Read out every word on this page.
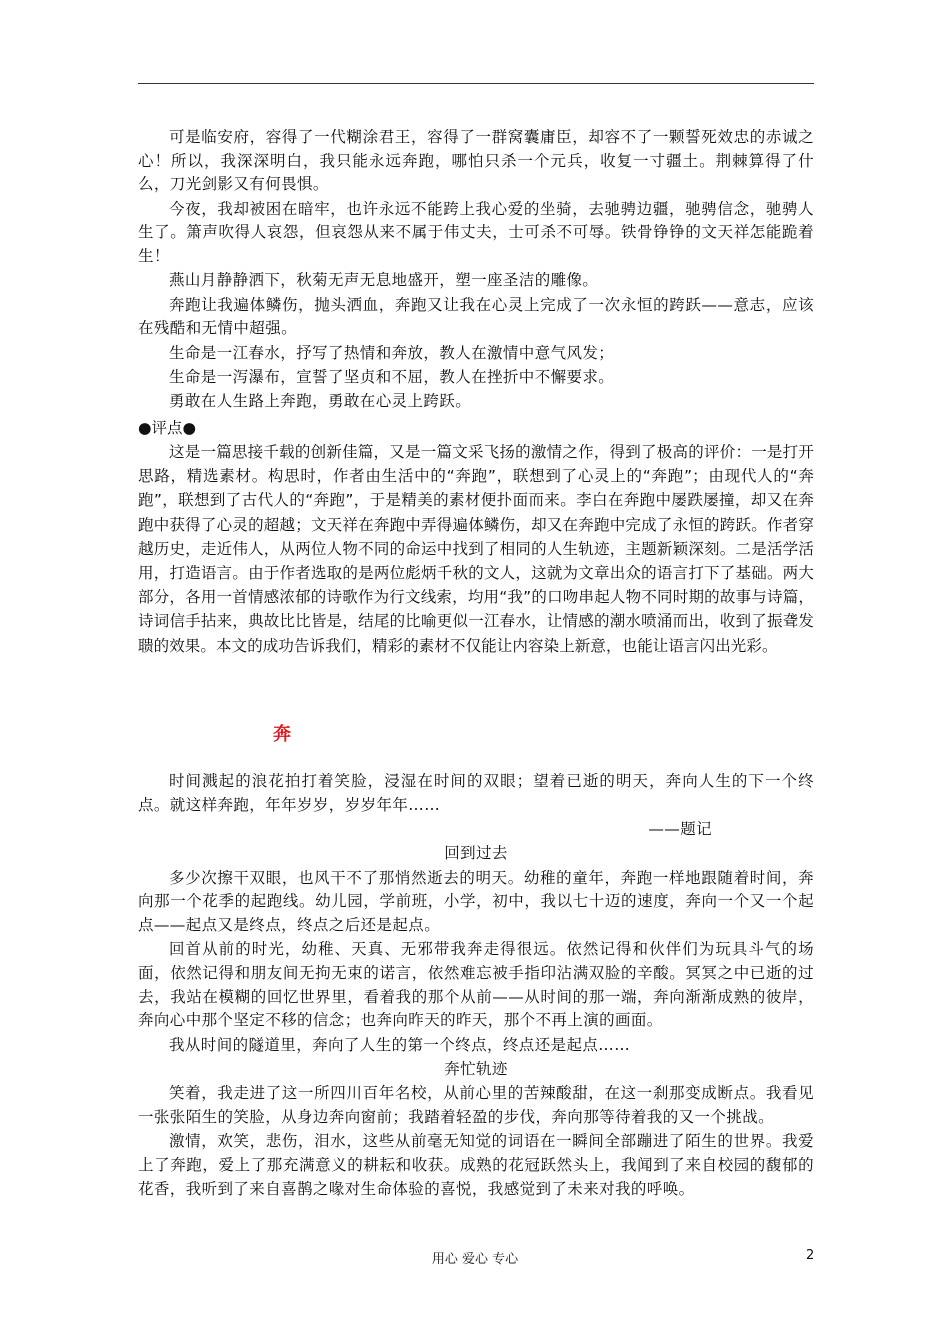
可是临安府，容得了一代糊涂君王，容得了一群窝囊庸臣，却容不了一颗誓死效忠的赤诚之心！所以，我深深明白，我只能永远奔跑，哪怕只杀一个元兵，收复一寸疆土。荆棘算得了什么，刀光剑影又有何畏惧。

今夜，我却被困在暗牢，也许永远不能跨上我心爱的坐骑，去驰骋边疆，驰骋信念，驰骋人生了。箫声吹得人哀怨，但哀怨从来不属于伟丈夫，士可杀不可辱。铁骨铮铮的文天祥怎能跪着生！

燕山月静静洒下，秋菊无声无息地盛开，塑一座圣洁的雕像。

奔跑让我遍体鳞伤，抛头洒血，奔跑又让我在心灵上完成了一次永恒的跨跃——意志，应该在残酷和无情中超强。

生命是一江春水，抒写了热情和奔放，教人在激情中意气风发；

生命是一泻瀑布，宣誓了坚贞和不屈，教人在挫折中不懈要求。

勇敢在人生路上奔跑，勇敢在心灵上跨跃。

●评点●

这是一篇思接千载的创新佳篇，又是一篇文采飞扬的激情之作，得到了极高的评价：一是打开思路，精选素材。构思时，作者由生活中的“奔跑”，联想到了心灵上的“奔跑”；由现代人的“奔跑”，联想到了古代人的“奔跑”，于是精美的素材便扑面而来。李白在奔跑中屡跌屡撞，却又在奔跑中获得了心灵的超越；文天祥在奔跑中弄得遍体鳞伤，却又在奔跑中完成了永恒的跨跃。作者穿越历史，走近伟人，从两位人物不同的命运中找到了相同的人生轨迹，主题新颖深刻。二是活学活用，打造语言。由于作者选取的是两位彪炳千秋的文人，这就为文章出众的语言打下了基础。两大部分，各用一首情感浓郁的诗歌作为行文线索，均用“我”的口吻串起人物不同时期的故事与诗篇，诗词信手拈来，典故比比皆是，结尾的比喻更似一江春水，让情感的潮水喷涌而出，收到了振聋发聩的效果。本文的成功告诉我们，精彩的素材不仅能让内容染上新意，也能让语言闪出光彩。

奔

时间溅起的浪花拍打着笑脸，浸湿在时间的双眼；望着已逝的明天，奔向人生的下一个终点。就这样奔跑，年年岁岁，岁岁年年……

——题记

回到过去

多少次擦干双眼，也风干不了那悄然逝去的明天。幼稚的童年，奔跑一样地跟随着时间，奔向那一个花季的起跑线。幼儿园，学前班，小学，初中，我以七十迈的速度，奔向一个又一个起点——起点又是终点，终点之后还是起点。

回首从前的时光，幼稚、天真、无邪带我奔走得很远。依然记得和伙伴们为玩具斗气的场面，依然记得和朋友间无拘无束的诺言，依然难忘被手指印沾满双脸的辛酸。冥冥之中已逝的过去，我站在模糊的回忆世界里，看着我的那个从前——从时间的那一端，奔向渐渐成熟的彼岸，奔向心中那个坚定不移的信念；也奔向昨天的昨天，那个不再上演的画面。

我从时间的隧道里，奔向了人生的第一个终点，终点还是起点……

奔忙轨迹

笑着，我走进了这一所四川百年名校，从前心里的苦辣酸甜，在这一刹那变成断点。我看见一张张陌生的笑脸，从身边奔向窗前；我踏着轻盈的步伐，奔向那等待着我的又一个挑战。

激情，欢笑，悲伤，泪水，这些从前毫无知觉的词语在一瞬间全部蹦进了陌生的世界。我爱上了奔跑，爱上了那充满意义的耕耘和收获。成熟的花冠跃然头上，我闻到了来自校园的馥郁的花香，我听到了来自喜鹊之喙对生命体验的喜悦，我感觉到了未来对我的呼唤。

用心 爱心 专心	2
